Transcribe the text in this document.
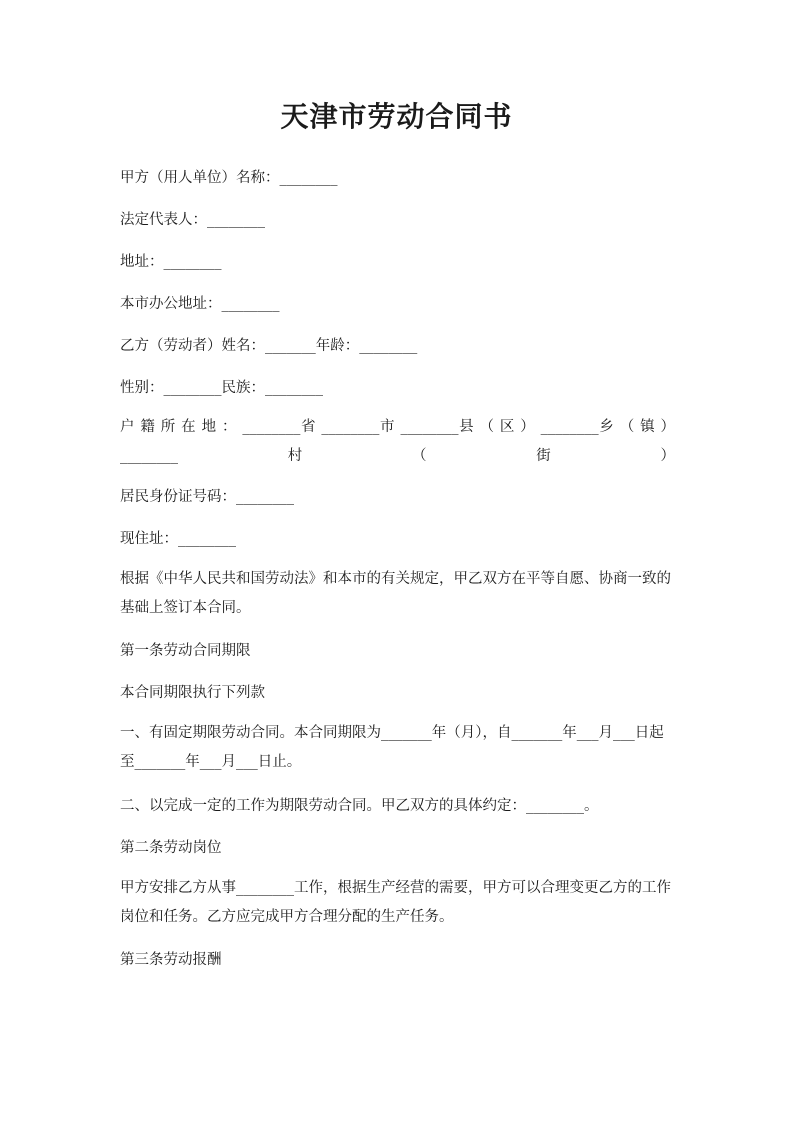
天津市劳动合同书

甲方（用人单位）名称：________

法定代表人：________

地址：________

本市办公地址：________

乙方（劳动者）姓名：_______年龄：________

性别：________民族：________

户 籍 所 在 地 ： ________省 ________市 ________县 （ 区 ） ________乡 （ 镇 ） ________村（街）

居民身份证号码：________

现住址：________

根据《中华人民共和国劳动法》和本市的有关规定，甲乙双方在平等自愿、协商一致的基础上签订本合同。

第一条劳动合同期限

本合同期限执行下列款

一、有固定期限劳动合同。本合同期限为_______年（月），自_______年___月___日起至_______年___月___日止。

二、以完成一定的工作为期限劳动合同。甲乙双方的具体约定：________。

第二条劳动岗位

甲方安排乙方从事________工作，根据生产经营的需要，甲方可以合理变更乙方的工作岗位和任务。乙方应完成甲方合理分配的生产任务。

第三条劳动报酬
